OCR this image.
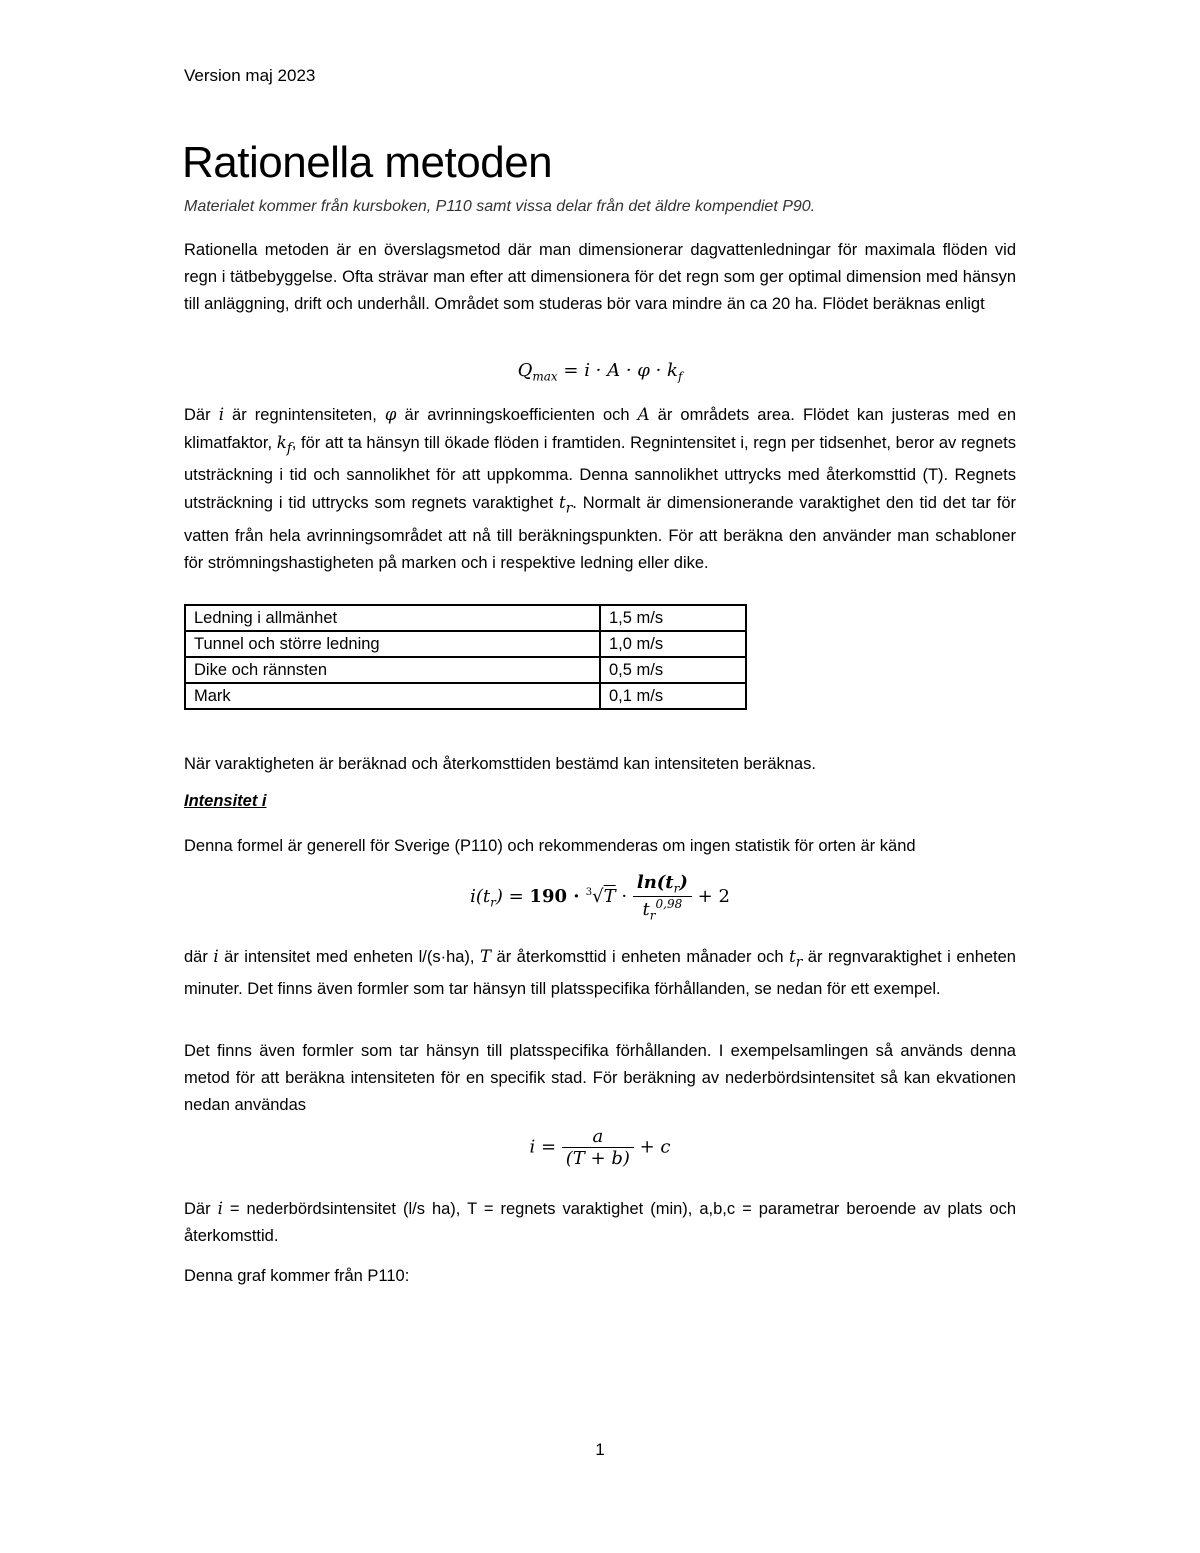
Version maj 2023
Rationella metoden
Materialet kommer från kursboken, P110 samt vissa delar från det äldre kompendiet P90.

Rationella metoden är en överslagsmetod där man dimensionerar dagvattenledningar för maximala flöden vid regn i tätbebyggelse. Ofta strävar man efter att dimensionera för det regn som ger optimal dimension med hänsyn till anläggning, drift och underhåll. Området som studeras bör vara mindre än ca 20 ha. Flödet beräknas enligt

$Q_{max} = i \cdot A \cdot \varphi \cdot k_f$

Där i är regnintensiteten, φ är avrinningskoefficienten och A är områdets area. Flödet kan justeras med en klimatfaktor, $k_f$, för att ta hänsyn till ökade flöden i framtiden. Regnintensitet i, regn per tidsenhet, beror av regnets utsträckning i tid och sannolikhet för att uppkomma. Denna sannolikhet uttrycks med återkomsttid (T). Regnets utsträckning i tid uttrycks som regnets varaktighet $t_r$. Normalt är dimensionerande varaktighet den tid det tar för vatten från hela avrinningsområdet att nå till beräkningspunkten. För att beräkna den använder man schabloner för strömningshastigheten på marken och i respektive ledning eller dike.

Ledning i allmänhet	1,5 m/s
Tunnel och större ledning	1,0 m/s
Dike och rännsten	0,5 m/s
Mark	0,1 m/s

När varaktigheten är beräknad och återkomsttiden bestämd kan intensiteten beräknas.

Intensitet i

Denna formel är generell för Sverige (P110) och rekommenderas om ingen statistik för orten är känd

$i(t_r) = 190 \cdot ^3√T \cdot \frac{\ln(t_r)}{t_r^{0,98}} + 2$

där i är intensitet med enheten l/(s·ha), T är återkomsttid i enheten månader och $t_r$ är regnvaraktighet i enheten minuter. Det finns även formler som tar hänsyn till platsspecifika förhållanden, se nedan för ett exempel.

Det finns även formler som tar hänsyn till platsspecifika förhållanden. I exempelsamlingen så används denna metod för att beräkna intensiteten för en specifik stad. För beräkning av nederbördsintensitet så kan ekvationen nedan användas

$i = \frac{a}{(T + b)} + c$

Där i = nederbördsintensitet (l/s ha), T = regnets varaktighet (min), a,b,c = parametrar beroende av plats och återkomsttid.

Denna graf kommer från P110:

1
